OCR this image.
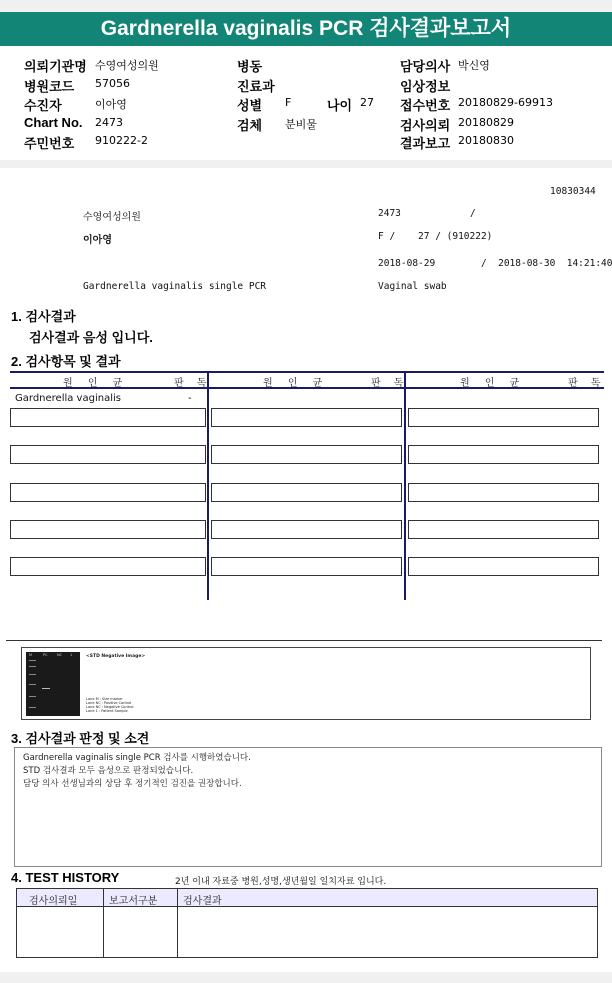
Gardnerella vaginalis PCR 검사결과보고서
의뢰기관명 수영여성의원
병원코드 57056
수진자	이아영
Chart No. 2473
주민번호 910222-2
병동
진료과
성별 F	나이 27
검체 분비물
담당의사 박신영
임상정보
접수번호 20180829-69913
검사의뢰 20180829
결과보고 20180830
10830344
수영여성의원	2473	/
이아영	F /    27 / (910222)
2018-08-29        /  2018-08-30  14:21:40
Gardnerella vaginalis single PCR	Vaginal swab
1. 검사결과
검사결과 음성 입니다.
2. 검사항목 및 결과
원 인 균	판 독	원 인 균	판 독	원 인 균	판 독
Gardnerella vaginalis	-
M	PC	NC 1	<STD Negative Image>
Lane M : Size marker
Lane NC : Positive Control
Lane NC : Negative Control
Lane 1 : Patient Sample
3. 검사결과 판정 및 소견
Gardnerella vaginalis single PCR 검사를 시행하였습니다.
STD 검사결과 모두 음성으로 판정되었습니다.
담당 의사 선생님과의 상담 후 정기적인 검진을 권장합니다.
4. TEST HISTORY	2년 이내 자료중 병원,성명,생년월일 일치자료 입니다.
검사의뢰일	보고서구분	검사결과
